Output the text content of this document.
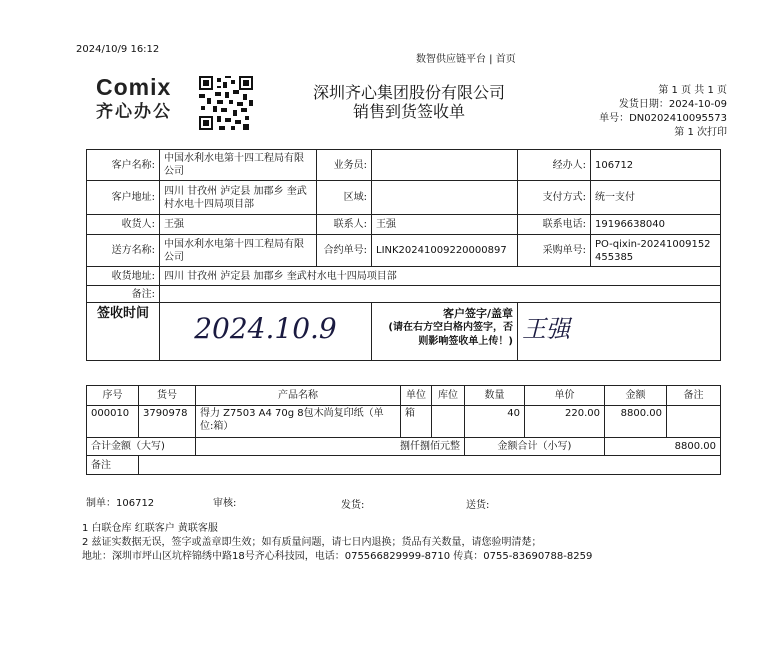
2024/10/9 16:12
数智供应链平台 | 首页
Comix
齐心办公
深圳齐心集团股份有限公司
销售到货签收单
第 1 页 共 1 页
发货日期：2024-10-09
单号：DN0202410095573
第 1 次打印
客户名称:	中国水利水电第十四工程局有限公司	业务员:		经办人:	106712
客户地址:	四川 甘孜州 泸定县 加郡乡 奎武村水电十四局项目部	区域:		支付方式:	统一支付
收货人:	王强	联系人:	王强	联系电话:	19196638040
送方名称:	中国水利水电第十四工程局有限公司	合约单号:	LINK20241009220000897	采购单号:	PO-qixin-20241009152455385
收货地址:	四川 甘孜州 泸定县 加郡乡 奎武村水电十四局项目部				
备注:					
签收时间	2024.10.9		客户签字/盖章
(请在右方空白格内签字，否
则影响签收单上传！)	王强	
序号	货号	产品名称	单位	库位	数量	单价	金额	备注
000010	3790978	得力 Z7503 A4 70g 8包木尚复印纸（单位:箱）	箱		40	220.00	8800.00	
合计金额（大写)		捌仟捌佰元整			金额合计（小写)		8800.00	
备注								
制单：106712	审核:	发货:	送货:
1 白联仓库 红联客户 黄联客服
2 兹证实数据无误，签字或盖章即生效；如有质量问题，请七日内退换；货品有关数量，请您验明清楚；
地址：深圳市坪山区坑梓锦绣中路18号齐心科技园，电话：075566829999-8710 传真：0755-83690788-8259
